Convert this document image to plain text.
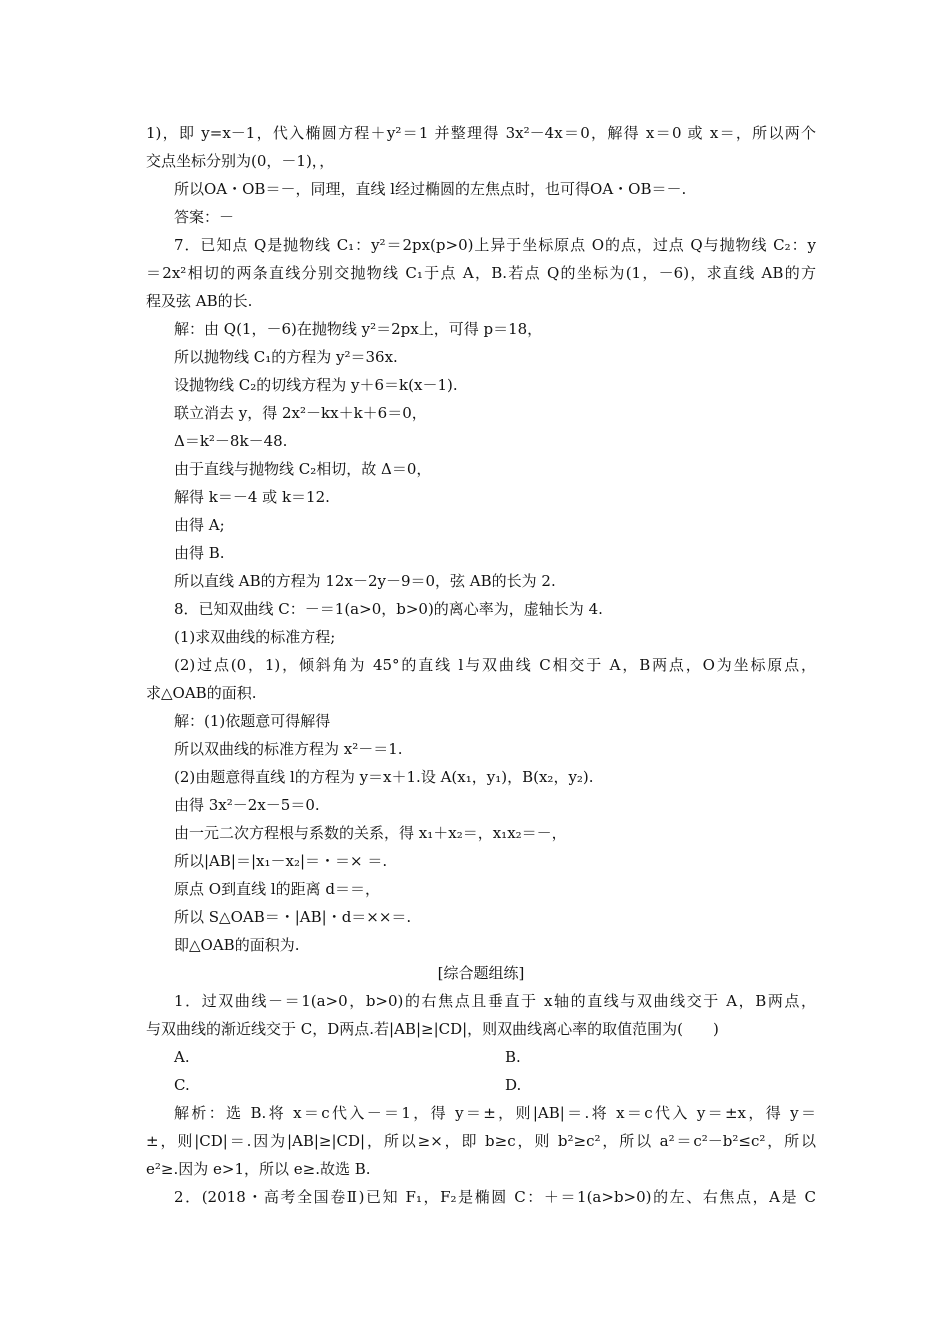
1)，即 y=x－1，代入椭圆方程＋y²＝1 并整理得 3x²－4x＝0，解得 x＝0 或 x＝，所以两个
交点坐标分别为(0，－1)，，
所以OA・OB＝－，同理，直线 l经过椭圆的左焦点时，也可得OA・OB＝－.
答案：－
7．已知点 Q是抛物线 C₁：y²＝2px(p>0)上异于坐标原点 O的点，过点 Q与抛物线 C₂：y
＝2x²相切的两条直线分别交抛物线 C₁于点 A，B.若点 Q的坐标为(1，－6)，求直线 AB的方
程及弦 AB的长.
解：由 Q(1，－6)在抛物线 y²＝2px上，可得 p＝18，
所以抛物线 C₁的方程为 y²＝36x.
设抛物线 C₂的切线方程为 y＋6＝k(x－1).
联立消去 y，得 2x²－kx＋k＋6＝0，
Δ＝k²－8k－48.
由于直线与抛物线 C₂相切，故 Δ＝0，
解得 k＝－4 或 k＝12.
由得 A;
由得 B.
所以直线 AB的方程为 12x－2y－9＝0，弦 AB的长为 2.
8．已知双曲线 C：－＝1(a>0，b>0)的离心率为，虚轴长为 4.
(1)求双曲线的标准方程;
(2)过点(0，1)，倾斜角为 45°的直线 l与双曲线 C相交于 A，B两点，O为坐标原点，
求△OAB的面积.
解：(1)依题意可得解得
所以双曲线的标准方程为 x²－＝1.
(2)由题意得直线 l的方程为 y＝x＋1.设 A(x₁，y₁)，B(x₂，y₂).
由得 3x²－2x－5＝0.
由一元二次方程根与系数的关系，得 x₁＋x₂＝，x₁x₂＝－，
所以|AB|＝|x₁－x₂|＝・＝× ＝.
原点 O到直线 l的距离 d＝＝，
所以 S△OAB＝・|AB|・d＝××＝.
即△OAB的面积为.
[综合题组练]
1．过双曲线－＝1(a>0，b>0)的右焦点且垂直于 x轴的直线与双曲线交于 A，B两点，
与双曲线的渐近线交于 C，D两点.若|AB|≥|CD|，则双曲线离心率的取值范围为(　　)
A.	B.
C.	D.
解析：选 B.将 x＝c代入－＝1，得 y＝±，则|AB|＝.将 x＝c代入 y＝±x，得 y＝
±，则|CD|＝.因为|AB|≥|CD|，所以≥×，即 b≥c，则 b²≥c²，所以 a²＝c²－b²≤c²，所以
e²≥.因为 e>1，所以 e≥.故选 B.
2．(2018・高考全国卷Ⅱ)已知 F₁，F₂是椭圆 C：＋＝1(a>b>0)的左、右焦点，A是 C
